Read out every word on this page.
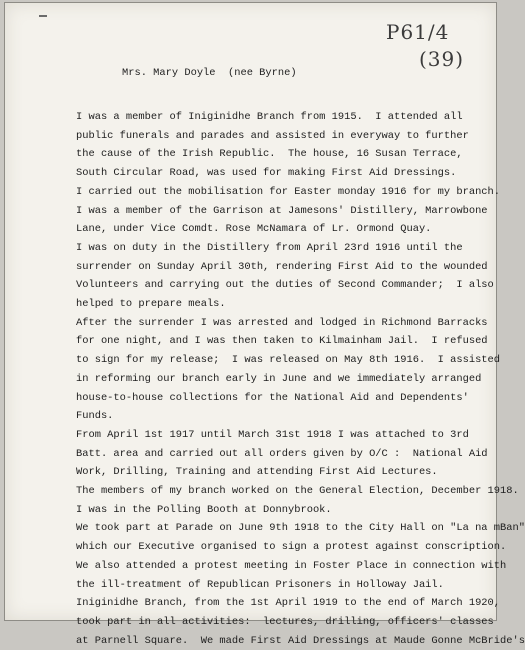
P61/4
(39)
Mrs. Mary Doyle  (nee Byrne)

I was a member of Iniginidhe Branch from 1915.  I attended all

public funerals and parades and assisted in everyway to further

the cause of the Irish Republic.  The house, 16 Susan Terrace,

South Circular Road, was used for making First Aid Dressings.

I carried out the mobilisation for Easter monday 1916 for my branch.

I was a member of the Garrison at Jamesons' Distillery, Marrowbone

Lane, under Vice Comdt. Rose McNamara of Lr. Ormond Quay.

I was on duty in the Distillery from April 23rd 1916 until the

surrender on Sunday April 30th, rendering First Aid to the wounded

Volunteers and carrying out the duties of Second Commander;  I also

helped to prepare meals.

After the surrender I was arrested and lodged in Richmond Barracks

for one night, and I was then taken to Kilmainham Jail.  I refused

to sign for my release;  I was released on May 8th 1916.  I assisted

in reforming our branch early in June and we immediately arranged

house-to-house collections for the National Aid and Dependents'

Funds.

From April 1st 1917 until March 31st 1918 I was attached to 3rd

Batt. area and carried out all orders given by O/C :  National Aid

Work, Drilling, Training and attending First Aid Lectures.

The members of my branch worked on the General Election, December 1918.

I was in the Polling Booth at Donnybrook.

We took part at Parade on June 9th 1918 to the City Hall on "La na mBan"

which our Executive organised to sign a protest against conscription.

We also attended a protest meeting in Foster Place in connection with

the ill-treatment of Republican Prisoners in Holloway Jail.

Iniginidhe Branch, from the 1st April 1919 to the end of March 1920,

took part in all activities:  lectures, drilling, officers' classes

at Parnell Square.  We made First Aid Dressings at Maude Gonne McBride's
